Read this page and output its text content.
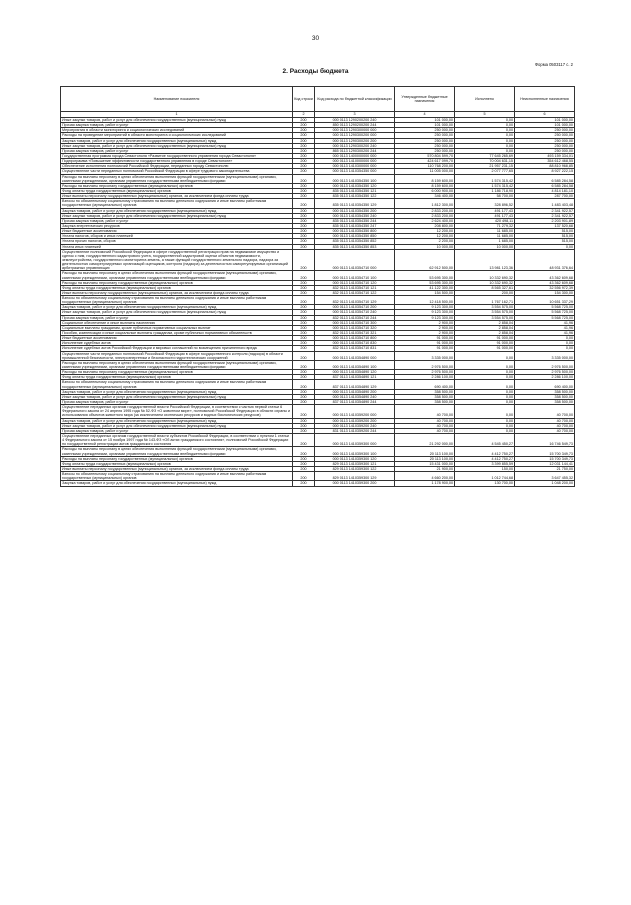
30
Форма 0503117 с. 2
2. Расходы бюджета
Наименование показателя	Код строки	Код расхода по бюджетной классификации	Утвержденные бюджетные назначения	Исполнено	Неисполненные назначения
1	2	3	4	5	6
Иные закупки товаров, работ и услуг для обеспечения государственных (муниципальных) нужд	200	000 0113 1290200200 240	101 000,00	0,00	101 000,00
Прочая закупка товаров, работ и услуг	200	850 0113 1290200200 244	101 000,00	0,00	101 000,00
Мероприятия в области мониторинга и социологических исследований	200	000 0113 1290300000 000	250 000,00	0,00	250 000,00
Расходы на проведение мероприятий в области мониторинга и социологических исследований	200	000 0113 1290300200 000	250 000,00	0,00	250 000,00
Закупка товаров, работ и услуг для обеспечения государственных (муниципальных) нужд	200	000 0113 1290300200 200	250 000,00	0,00	250 000,00
Иные закупки товаров, работ и услуг для обеспечения государственных (муниципальных) нужд	200	000 0113 1290300200 240	250 000,00	0,00	250 000,00
Прочая закупка товаров, работ и услуг	200	865 0113 1290300200 244	250 000,00	0,00	250 000,00
Государственная программа города Севастополя «Развитие государственного управления города Севастополя»	200	000 0113 1400000000 000	570 804 599,70	77 645 265,69	493 159 334,01
Подпрограмма «Повышение эффективности государственного управления в городе Севастополе»	200	000 0113 1410000000 000	424 617 099,70	70 004 631,15	354 612 468,55
Обеспечение исполнения полномочий Российской Федерации, переданных городу Севастополю	200	000 0113 1410300000 000	110 768 200,00	21 957 231,15	88 810 968,85
Осуществление части переданных полномочий Российской Федерации в сфере трудового законодательства	200	000 0113 1410354350 000	11 005 000,00	2 077 777,65	8 927 222,15
Расходы на выплаты персоналу в целях обеспечения выполнения функций государственными (муниципальными) органами, казенными учреждениями, органами управления государственными внебюджетными фондами	200	000 0113 1410354350 100	8 159 600,00	1 574 315,42	6 585 284,58
Расходы на выплаты персоналу государственных (муниципальных) органов	200	000 0113 1410354350 120	8 159 600,00	1 574 315,42	6 585 284,58
Фонд оплаты труда государственных (муниципальных) органов	200	835 0113 1410354350 121	6 000 900,00	1 186 718,90	4 814 181,10
Иные выплаты персоналу государственных (муниципальных) органов, за исключением фонда оплаты труда	200	835 0113 1410354350 122	346 400,00	58 700,00	287 700,00
Взносы по обязательному социальному страхованию на выплаты денежного содержания и иные выплаты работникам государственных (муниципальных) органов	200	835 0113 1410354350 129	1 812 300,00	328 896,52	1 483 403,48
Закупка товаров, работ и услуг для обеспечения государственных (муниципальных) нужд	200	000 0113 1410354350 200	2 833 200,00	491 177,43	2 341 922,57
Иные закупки товаров, работ и услуг для обеспечения государственных (муниципальных) нужд	200	000 0113 1410354350 240	2 833 200,00	491 177,43	2 341 922,57
Прочая закупка товаров, работ и услуг	200	835 0113 1410354350 244	2 624 400,00	420 498,11	2 203 901,89
Закупка энергетических ресурсов	200	835 0113 1410354350 247	208 800,00	71 279,32	137 520,68
Иные бюджетные ассигнования	200	000 0113 1410354350 800	12 200,00	11 685,00	515,00
Уплата налогов, сборов и иных платежей	200	000 0113 1410354350 850	12 200,00	11 685,00	515,00
Уплата прочих налогов, сборов	200	835 0113 1410354350 852	2 200,00	1 685,00	515,00
Уплата иных платежей	200	835 0113 1410354350 853	10 000,00	10 000,00	0,00
Осуществление полномочий Российской Федерации в сфере государственной регистрации прав на недвижимое имущество и сделок с ним, государственного кадастрового учета, государственной кадастровой оценки объектов недвижимости, землеустройства, государственного мониторинга земель, а также функций государственного земельного надзора, надзора за деятельностью саморегулируемых организаций оценщиков, контроля (надзора) за деятельностью саморегулируемых организаций арбитражных управляющих	200	000 0113 1410354710 000	62 912 500,00	13 981 123,36	48 931 376,64
Расходы на выплаты персоналу в целях обеспечения выполнения функций государственными (муниципальными) органами, казенными учреждениями, органами управления государственными внебюджетными фондами	200	000 0113 1410354710 100	53 695 300,00	10 332 690,32	43 362 609,68
Расходы на выплаты персоналу государственных (муниципальных) органов	200	000 0113 1410354710 120	53 695 300,00	10 332 690,32	43 362 609,68
Фонд оплаты труда государственных (муниципальных) органов	200	832 0113 1410354710 121	41 122 300,00	8 565 327,61	32 556 972,39
Иные выплаты персоналу государственных (муниципальных) органов, за исключением фонда оплаты труда	200	832 0113 1410354710 122	154 500,00	200,00	154 300,00
Взносы по обязательному социальному страхованию на выплаты денежного содержания и иные выплаты работникам государственных (муниципальных) органов	200	832 0113 1410354710 129	12 418 500,00	1 767 162,71	10 651 337,29
Закупка товаров, работ и услуг для обеспечения государственных (муниципальных) нужд	200	000 0113 1410354710 200	9 123 300,00	3 554 575,00	5 568 725,00
Иные закупки товаров, работ и услуг для обеспечения государственных (муниципальных) нужд	200	000 0113 1410354710 240	9 123 300,00	3 554 575,00	5 568 725,00
Прочая закупка товаров, работ и услуг	200	832 0113 1410354710 244	9 123 300,00	3 554 575,00	5 568 725,00
Социальное обеспечение и иные выплаты населению	200	000 0113 1410354710 300	2 900,00	2 858,04	41,96
Социальные выплаты гражданам, кроме публичных нормативных социальных выплат	200	000 0113 1410354710 320	2 900,00	2 858,04	41,96
Пособия, компенсации и иные социальные выплаты гражданам, кроме публичных нормативных обязательств	200	832 0113 1410354710 321	2 900,00	2 858,04	41,96
Иные бюджетные ассигнования	200	000 0113 1410354710 800	91 000,00	91 000,00	0,00
Исполнение судебных актов	200	000 0113 1410354710 830	91 000,00	91 000,00	0,00
Исполнение судебных актов Российской Федерации и мировых соглашений по возмещению причиненного вреда	200	832 0113 1410354710 831	91 000,00	91 000,00	0,00
Осуществление части переданных полномочий Российской Федерации в сфере государственного контроля (надзора) в области промышленной безопасности, электроэнергетики и безопасности гидротехнических сооружений	200	000 0113 1410354890 000	3 335 000,00	0,00	3 335 000,00
Расходы на выплаты персоналу в целях обеспечения выполнения функций государственными (муниципальными) органами, казенными учреждениями, органами управления государственными внебюджетными фондами	200	000 0113 1410354890 100	2 976 500,00	0,00	2 976 500,00
Расходы на выплаты персоналу государственных (муниципальных) органов	200	000 0113 1410354890 120	2 976 500,00	0,00	2 976 500,00
Фонд оплаты труда государственных (муниципальных) органов	200	837 0113 1410354890 121	2 286 100,00	0,00	2 286 100,00
Взносы по обязательному социальному страхованию на выплаты денежного содержания и иные выплаты работникам государственных (муниципальных) органов	200	837 0113 1410354890 129	690 400,00	0,00	690 400,00
Закупка товаров, работ и услуг для обеспечения государственных (муниципальных) нужд	200	000 0113 1410354890 200	358 500,00	0,00	358 500,00
Иные закупки товаров, работ и услуг для обеспечения государственных (муниципальных) нужд	200	000 0113 1410354890 240	358 500,00	0,00	358 500,00
Прочая закупка товаров, работ и услуг	200	837 0113 1410354890 244	358 500,00	0,00	358 500,00
Осуществление переданных органам государственной власти Российской Федерации, в соответствии с частью первой статьи 6 Федерального закона от 24 апреля 1995 года № 52-ФЗ «О животном мире», полномочий Российской Федерации в области охраны и использования объектов животного мира (за исключением охотничьих ресурсов и водных биологических ресурсов)	200	000 0113 1410359200 000	40 700,00	0,00	40 700,00
Закупка товаров, работ и услуг для обеспечения государственных (муниципальных) нужд	200	000 0113 1410359200 200	40 700,00	0,00	40 700,00
Иные закупки товаров, работ и услуг для обеспечения государственных (муниципальных) нужд	200	000 0113 1410359200 240	40 700,00	0,00	40 700,00
Прочая закупка товаров, работ и услуг	200	831 0113 1410359200 244	40 700,00	0,00	40 700,00
Осуществление переданных органам государственной власти субъектов Российской Федерации, в соответствии с пунктом 1 статьи 4 Федерального закона от 15 ноября 1997 года № 143-ФЗ «Об актах гражданского состояния», полномочий Российской Федерации по государственной регистрации актов гражданского состояния	200	000 0113 1410359300 000	21 292 000,00	4 545 450,27	16 746 549,73
Расходы на выплаты персоналу в целях обеспечения выполнения функций государственными (муниципальными) органами, казенными учреждениями, органами управления государственными внебюджетными фондами	200	000 0113 1410359300 100	20 113 100,00	4 412 750,27	15 700 349,73
Расходы на выплаты персоналу государственных (муниципальных) органов	200	000 0113 1410359300 120	20 113 100,00	4 412 750,27	15 700 349,73
Фонд оплаты труда государственных (муниципальных) органов	200	829 0113 1410359300 121	15 431 000,00	3 399 855,59	12 031 144,41
Иные выплаты персоналу государственных (муниципальных) органов, за исключением фонда оплаты труда	200	829 0113 1410359300 122	21 900,00	150,00	21 750,00
Взносы по обязательному социальному страхованию на выплаты денежного содержания и иные выплаты работникам государственных (муниципальных) органов	200	829 0113 1410359300 129	4 660 200,00	1 012 744,68	3 647 455,32
Закупка товаров, работ и услуг для обеспечения государственных (муниципальных) нужд	200	000 0113 1410359300 200	1 178 900,00	130 700,00	1 048 200,00
